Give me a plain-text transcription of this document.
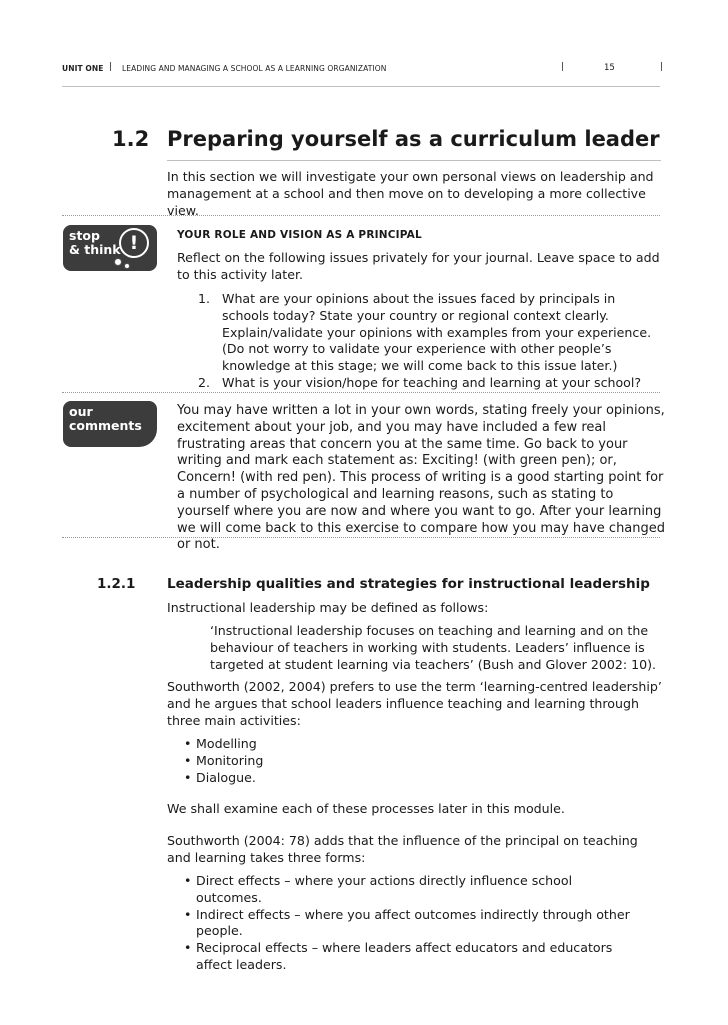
UNIT ONE | LEADING AND MANAGING A SCHOOL AS A LEARNING ORGANIZATION	|	15	|
1.2 Preparing yourself as a curriculum leader
In this section we will investigate your own personal views on leadership and management at a school and then move on to developing a more collective view.
stop
& think !	YOUR ROLE AND VISION AS A PRINCIPAL
Reflect on the following issues privately for your journal. Leave space to add to this activity later.
1. What are your opinions about the issues faced by principals in schools today? State your country or regional context clearly. Explain/validate your opinions with examples from your experience. (Do not worry to validate your experience with other people’s knowledge at this stage; we will come back to this issue later.)
2. What is your vision/hope for teaching and learning at your school?
our
comments
You may have written a lot in your own words, stating freely your opinions, excitement about your job, and you may have included a few real frustrating areas that concern you at the same time. Go back to your writing and mark each statement as: Exciting! (with green pen); or, Concern! (with red pen). This process of writing is a good starting point for a number of psychological and learning reasons, such as stating to yourself where you are now and where you want to go. After your learning we will come back to this exercise to compare how you may have changed or not.
1.2.1 Leadership qualities and strategies for instructional leadership
Instructional leadership may be defined as follows:
‘Instructional leadership focuses on teaching and learning and on the behaviour of teachers in working with students. Leaders’ influence is targeted at student learning via teachers’ (Bush and Glover 2002: 10).
Southworth (2002, 2004) prefers to use the term ‘learning-centred leadership’ and he argues that school leaders influence teaching and learning through three main activities:
• Modelling
• Monitoring
• Dialogue.
We shall examine each of these processes later in this module.
Southworth (2004: 78) adds that the influence of the principal on teaching and learning takes three forms:
• Direct effects – where your actions directly influence school outcomes.
• Indirect effects – where you affect outcomes indirectly through other people.
• Reciprocal effects – where leaders affect educators and educators affect leaders.
